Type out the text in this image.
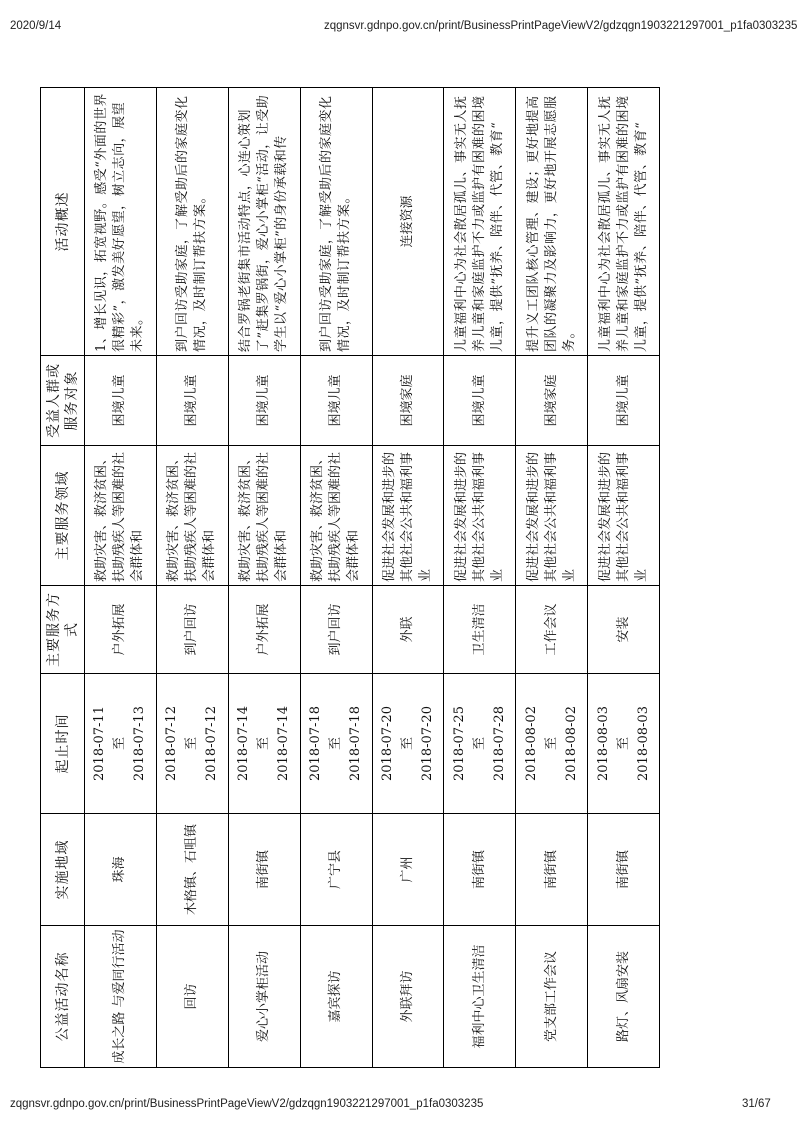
2020/9/14	zqgnsvr.gdnpo.gov.cn/print/BusinessPrintPageViewV2/gdzqgn1903221297001_p1fa0303235
公益活动名称	实施地域	起止时间	主要服务方式	主要服务领域	受益人群或服务对象	活动概述
成长之路 与爱同行活动	珠海	2018-07-11 至 2018-07-13	户外拓展	救助灾害、救济贫困、扶助残疾人等困难的社会群体和	困境儿童	1、增长见识，拓宽视野。感受“外面的世界很精彩”，激发美好愿望，树立志向，展望未来。
回访	木格镇、石咀镇	2018-07-12 至 2018-07-12	到户回访	救助灾害、救济贫困、扶助残疾人等困难的社会群体和	困境儿童	到户回访受助家庭，了解受助后的家庭变化情况，及时制订帮扶方案。
爱心小掌柜活动	南街镇	2018-07-14 至 2018-07-14	户外拓展	救助灾害、救济贫困、扶助残疾人等困难的社会群体和	困境儿童	结合罗锅老街集市活动特点，心连心策划了”赶集罗锅街，爱心小掌柜“活动，让受助学生以“爱心小掌柜”的身份承载和传
嘉宾探访	广宁县	2018-07-18 至 2018-07-18	到户回访	救助灾害、救济贫困、扶助残疾人等困难的社会群体和	困境儿童	到户回访受助家庭，了解受助后的家庭变化情况，及时制订帮扶方案。
外联拜访	广州	2018-07-20 至 2018-07-20	外联	促进社会发展和进步的其他社会公共和福利事业	困境家庭	连接资源
福利中心卫生清洁	南街镇	2018-07-25 至 2018-07-28	卫生清洁	促进社会发展和进步的其他社会公共和福利事业	困境儿童	儿童福利中心为社会散居孤儿、事实无人抚养儿童和家庭监护不力或监护有困难的困境儿童，提供”抚养、陪伴、代管、教育“
党支部工作会议	南街镇	2018-08-02 至 2018-08-02	工作会议	促进社会发展和进步的其他社会公共和福利事业	困境家庭	提升义工团队核心管理、建设；更好地提高团队的凝聚力及影响力，更好地开展志愿服务。
路灯、风扇安装	南街镇	2018-08-03 至 2018-08-03	安装	促进社会发展和进步的其他社会公共和福利事业	困境儿童	儿童福利中心为社会散居孤儿、事实无人抚养儿童和家庭监护不力或监护有困难的困境儿童，提供”抚养、陪伴、代管、教育“
zqgnsvr.gdnpo.gov.cn/print/BusinessPrintPageViewV2/gdzqgn1903221297001_p1fa0303235	31/67
